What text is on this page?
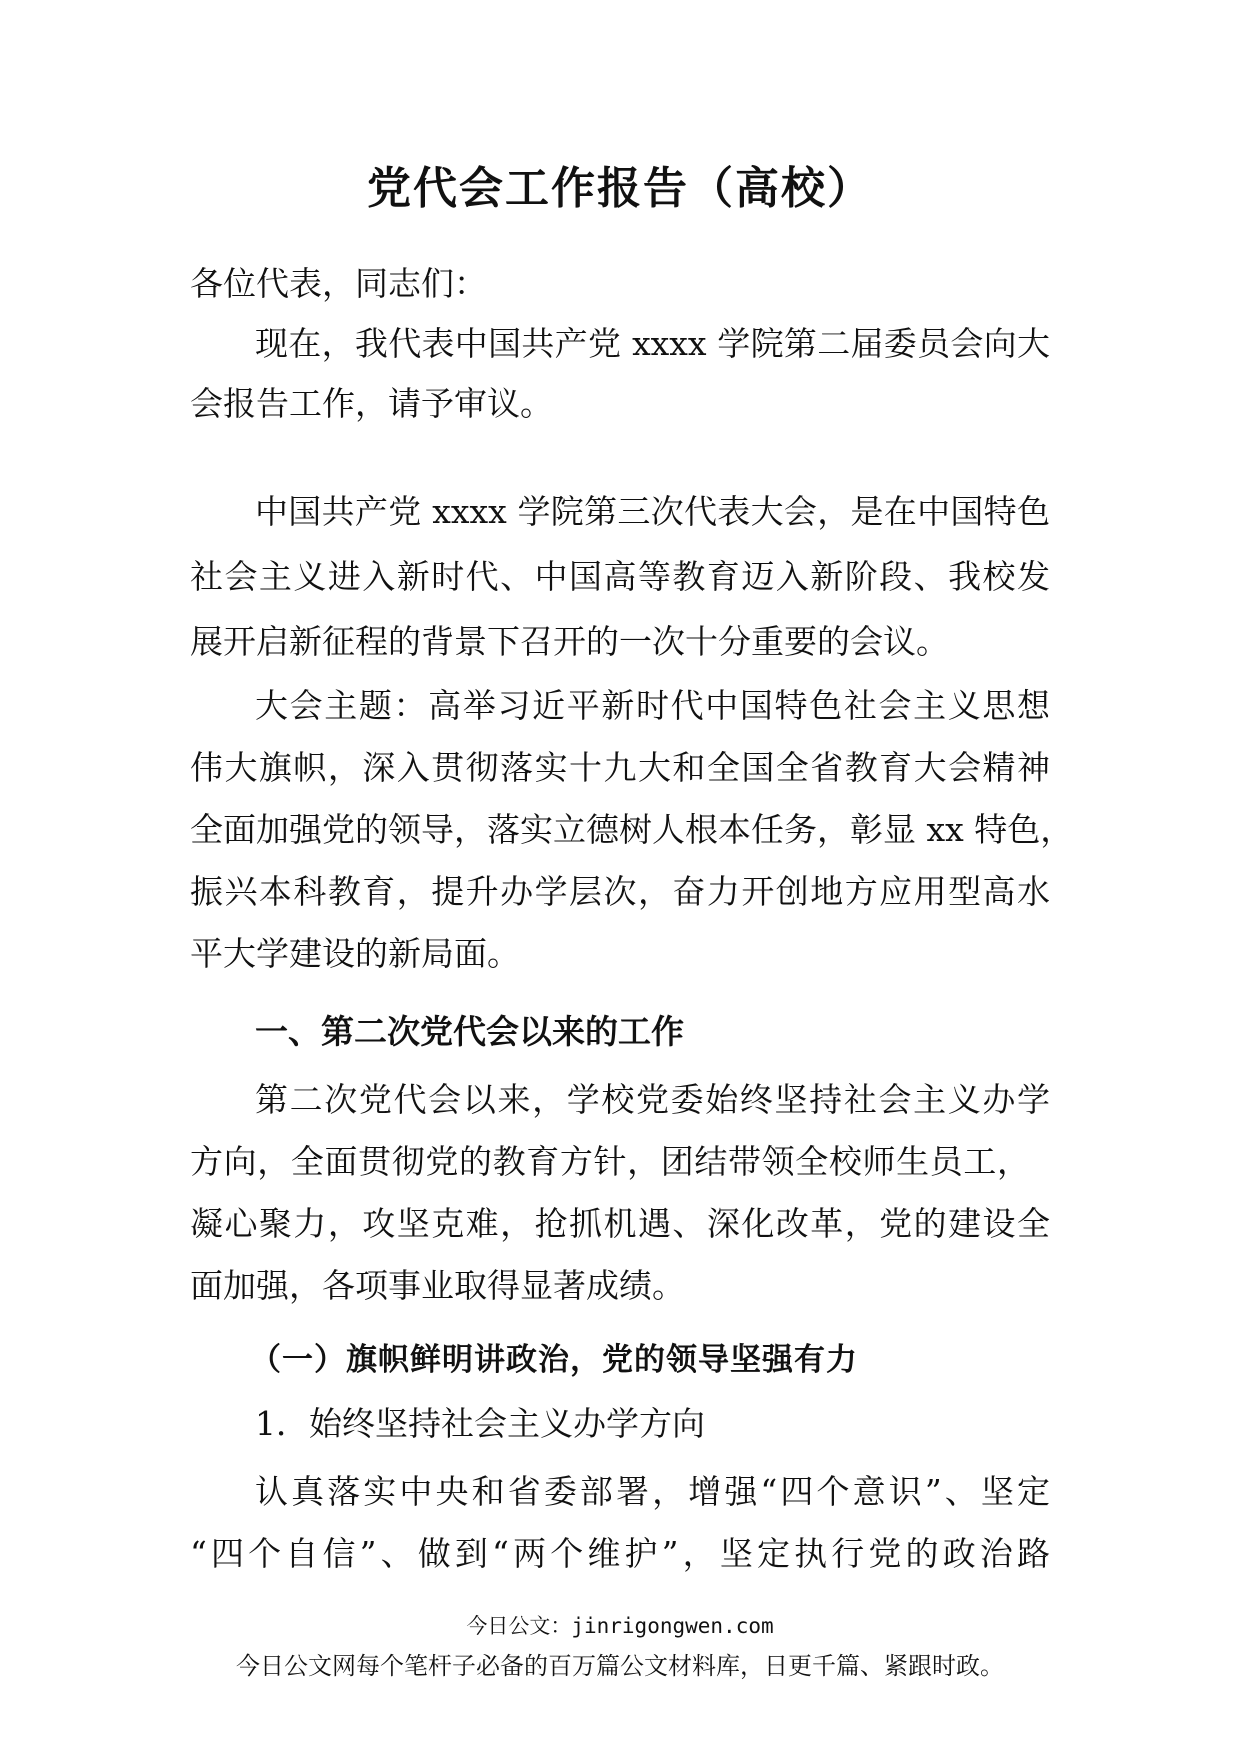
党代会工作报告（高校）
各位代表，同志们：
现在，我代表中国共产党 xxxx 学院第二届委员会向大
会报告工作，请予审议。
中国共产党 xxxx 学院第三次代表大会，是在中国特色
社会主义进入新时代、中国高等教育迈入新阶段、我校发
展开启新征程的背景下召开的一次十分重要的会议。
大会主题：高举习近平新时代中国特色社会主义思想
伟大旗帜，深入贯彻落实十九大和全国全省教育大会精神
全面加强党的领导，落实立德树人根本任务，彰显 xx 特色，
振兴本科教育，提升办学层次，奋力开创地方应用型高水
平大学建设的新局面。
一、第二次党代会以来的工作
第二次党代会以来，学校党委始终坚持社会主义办学
方向，全面贯彻党的教育方针，团结带领全校师生员工，
凝心聚力，攻坚克难，抢抓机遇、深化改革，党的建设全
面加强，各项事业取得显著成绩。
（一）旗帜鲜明讲政治，党的领导坚强有力
1．始终坚持社会主义办学方向
认真落实中央和省委部署，增强“四个意识”、坚定
“四个自信”、做到“两个维护”，坚定执行党的政治路
今日公文：jinrigongwen.com
今日公文网每个笔杆子必备的百万篇公文材料库，日更千篇、紧跟时政。
